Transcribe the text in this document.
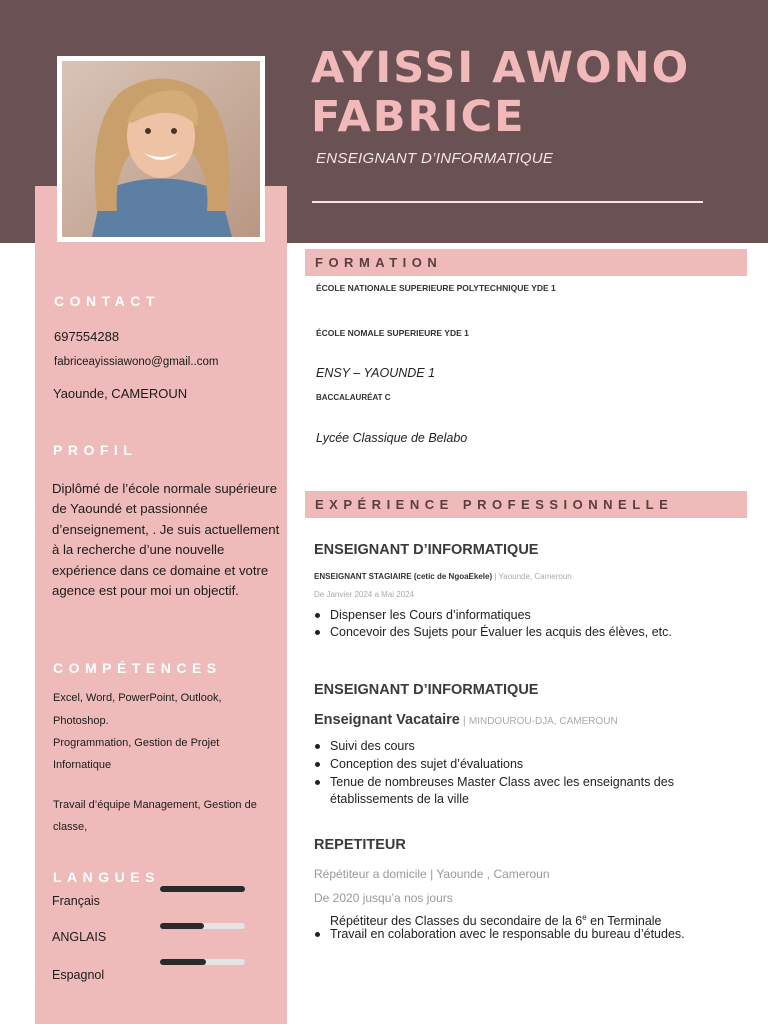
AYISSI AWONO
FABRICE
ENSEIGNANT D’INFORMATIQUE
CONTACT
697554288
fabriceayissiawono@gmail..com
Yaounde, CAMEROUN
PROFIL
Diplômé de l’école normale supérieure de Yaoundé et passionnée d’enseignement, . Je suis actuellement à la recherche d’une nouvelle expérience dans ce domaine et votre agence est pour moi un objectif.
COMPÉTENCES
Excel, Word, PowerPoint, Outlook,
Photoshop.
Programmation, Gestion de Projet
Infornatique
Travail d’équipe Management, Gestion de
classe,
LANGUES
Français
ANGLAIS
Espagnol
FORMATION
ÉCOLE NATIONALE SUPERIEURE POLYTECHNIQUE YDE 1
ÉCOLE NOMALE SUPERIEURE YDE 1
ENSY – YAOUNDE 1
BACCALAURÉAT C
Lycée Classique de Belabo
EXPÉRIENCE PROFESSIONNELLE
ENSEIGNANT D’INFORMATIQUE
ENSEIGNANT STAGIAIRE (cetic de NgoaEkele) | Yaounde, Cameroun
De Janvier 2024 a Mai 2024
Dispenser les Cours d’informatiques
Concevoir des Sujets pour Évaluer les acquis des élèves, etc.
ENSEIGNANT D’INFORMATIQUE
Enseignant Vacataire | MINDOUROU-DJA, CAMEROUN
Suivi des cours
Conception des sujet d’évaluations
Tenue de nombreuses Master Class avec les enseignants des
établissements de la ville
REPETITEUR
Répétiteur a domicile | Yaounde , Cameroun
De 2020 jusqu’a nos jours
Répétiteur des Classes du secondaire de la 6e en Terminale
Travail en colaboration avec le responsable du bureau d’études.
